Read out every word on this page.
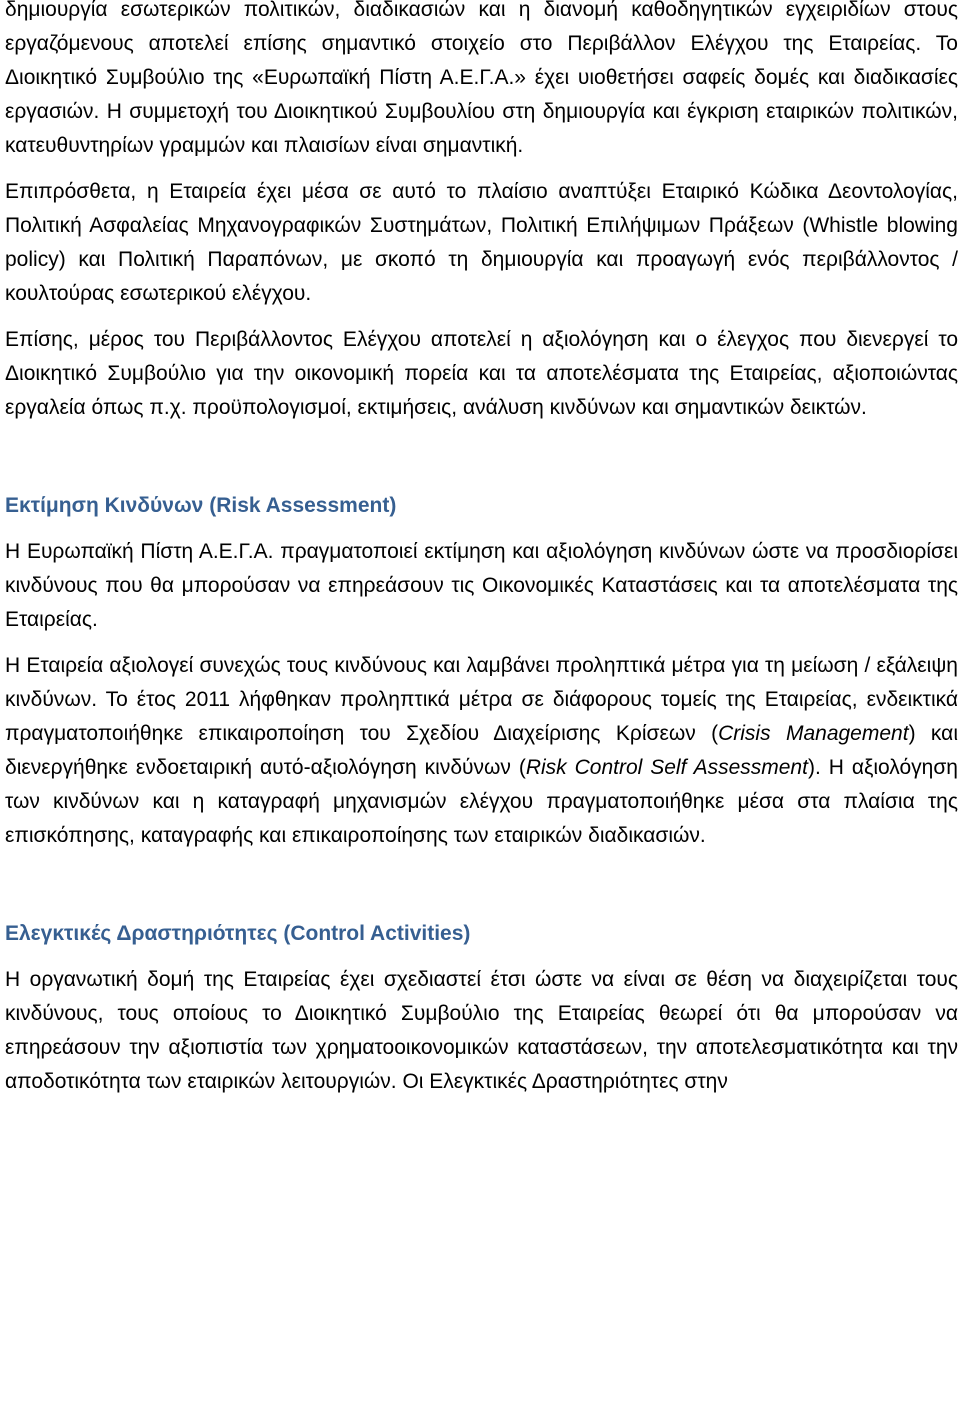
δημιουργία εσωτερικών πολιτικών, διαδικασιών και η διανομή καθοδηγητικών εγχειριδίων στους εργαζόμενους αποτελεί επίσης σημαντικό στοιχείο στο Περιβάλλον Ελέγχου της Εταιρείας. Το Διοικητικό Συμβούλιο της «Ευρωπαϊκή Πίστη Α.Ε.Γ.Α.» έχει υιοθετήσει σαφείς δομές και διαδικασίες εργασιών. Η συμμετοχή του Διοικητικού Συμβουλίου στη δημιουργία και έγκριση εταιρικών πολιτικών, κατευθυντηρίων γραμμών και πλαισίων είναι σημαντική.

Επιπρόσθετα, η Εταιρεία έχει μέσα σε αυτό το πλαίσιο αναπτύξει Εταιρικό Κώδικα Δεοντολογίας, Πολιτική Ασφαλείας Μηχανογραφικών Συστημάτων, Πολιτική Επιλήψιμων Πράξεων (Whistle blowing policy) και Πολιτική Παραπόνων, με σκοπό τη δημιουργία και προαγωγή ενός περιβάλλοντος / κουλτούρας εσωτερικού ελέγχου.

Επίσης, μέρος του Περιβάλλοντος Ελέγχου αποτελεί η αξιολόγηση και ο έλεγχος που διενεργεί το Διοικητικό Συμβούλιο για την οικονομική πορεία και τα αποτελέσματα της Εταιρείας, αξιοποιώντας εργαλεία όπως π.χ. προϋπολογισμοί, εκτιμήσεις, ανάλυση κινδύνων και σημαντικών δεικτών.

Εκτίμηση Κινδύνων (Risk Assessment)

Η Ευρωπαϊκή Πίστη Α.Ε.Γ.Α. πραγματοποιεί εκτίμηση και αξιολόγηση κινδύνων ώστε να προσδιορίσει κινδύνους που θα μπορούσαν να επηρεάσουν τις Οικονομικές Καταστάσεις και τα αποτελέσματα της Εταιρείας.

Η Εταιρεία αξιολογεί συνεχώς τους κινδύνους και λαμβάνει προληπτικά μέτρα για τη μείωση / εξάλειψη κινδύνων. Το έτος 2011 λήφθηκαν προληπτικά μέτρα σε διάφορους τομείς της Εταιρείας, ενδεικτικά πραγματοποιήθηκε επικαιροποίηση του Σχεδίου Διαχείρισης Κρίσεων (Crisis Management) και διενεργήθηκε ενδοεταιρική αυτό-αξιολόγηση κινδύνων (Risk Control Self Assessment). Η αξιολόγηση των κινδύνων και η καταγραφή μηχανισμών ελέγχου πραγματοποιήθηκε μέσα στα πλαίσια της επισκόπησης, καταγραφής και επικαιροποίησης των εταιρικών διαδικασιών.

Ελεγκτικές Δραστηριότητες (Control Activities)

Η οργανωτική δομή της Εταιρείας έχει σχεδιαστεί έτσι ώστε να είναι σε θέση να διαχειρίζεται τους κινδύνους, τους οποίους το Διοικητικό Συμβούλιο της Εταιρείας θεωρεί ότι θα μπορούσαν να επηρεάσουν την αξιοπιστία των χρηματοοικονομικών καταστάσεων, την αποτελεσματικότητα και την αποδοτικότητα των εταιρικών λειτουργιών. Οι Ελεγκτικές Δραστηριότητες στην
